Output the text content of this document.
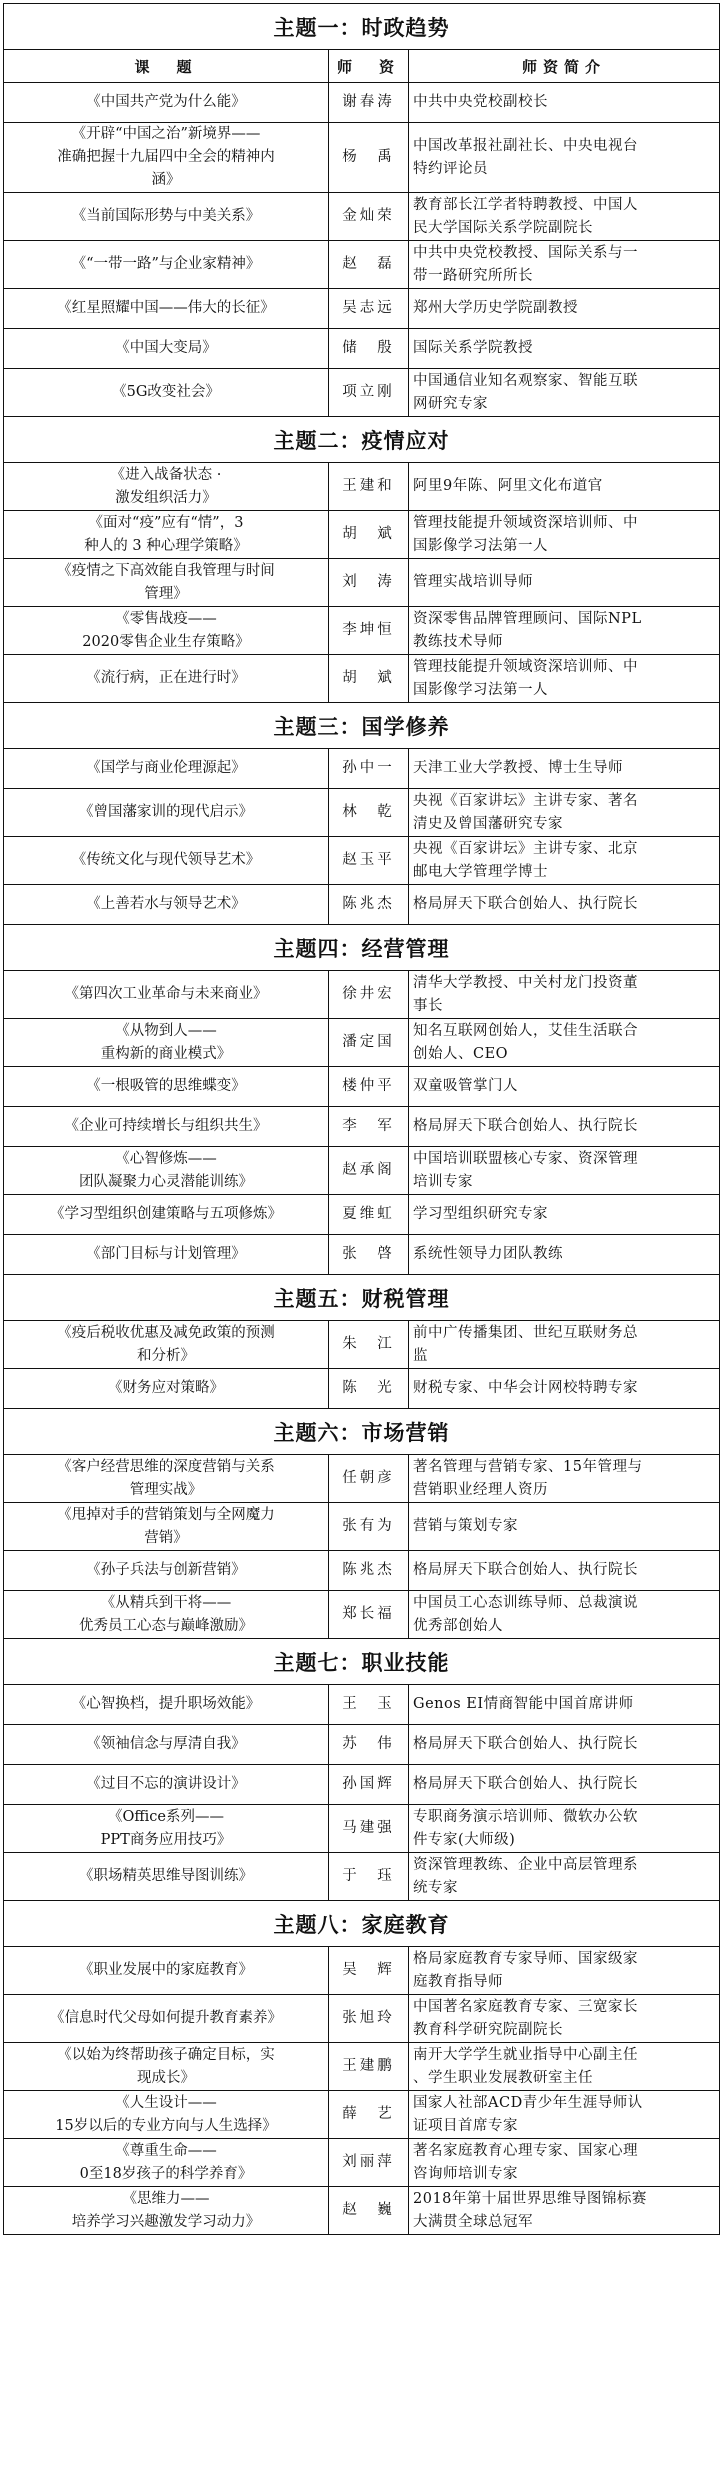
主题一：时政趋势		
课　题	师　资	师资简介

《中国共产党为什么能》	谢春涛	中共中央党校副校长

《开辟“中国之治”新境界——
准确把握十九届四中全会的精神内
涵》	杨　禹	中国改革报社副社长、中央电视台
特约评论员

《当前国际形势与中美关系》	金灿荣	教育部长江学者特聘教授、中国人
民大学国际关系学院副院长

《“一带一路”与企业家精神》	赵　磊	中共中央党校教授、国际关系与一
带一路研究所所长

《红星照耀中国——伟大的长征》	吴志远	郑州大学历史学院副教授

《中国大变局》	储　殷	国际关系学院教授

《5G改变社会》	项立刚	中国通信业知名观察家、智能互联
网研究专家

主题二：疫情应对		

《进入战备状态 ·
激发组织活力》	王建和	阿里9年陈、阿里文化布道官

《面对“疫”应有“情”，3
种人的 3 种心理学策略》	胡　斌	管理技能提升领域资深培训师、中
国影像学习法第一人

《疫情之下高效能自我管理与时间
管理》	刘　涛	管理实战培训导师

《零售战疫——
2020零售企业生存策略》	李坤恒	资深零售品牌管理顾问、国际NPL
教练技术导师

《流行病，正在进行时》	胡　斌	管理技能提升领域资深培训师、中
国影像学习法第一人

主题三：国学修养		

《国学与商业伦理源起》	孙中一	天津工业大学教授、博士生导师

《曾国藩家训的现代启示》	林　乾	央视《百家讲坛》主讲专家、著名
清史及曾国藩研究专家

《传统文化与现代领导艺术》	赵玉平	央视《百家讲坛》主讲专家、北京
邮电大学管理学博士

《上善若水与领导艺术》	陈兆杰	格局屏天下联合创始人、执行院长

主题四：经营管理		

《第四次工业革命与未来商业》	徐井宏	清华大学教授、中关村龙门投资董
事长

《从物到人——
重构新的商业模式》	潘定国	知名互联网创始人，艾佳生活联合
创始人、CEO

《一根吸管的思维蝶变》	楼仲平	双童吸管掌门人

《企业可持续增长与组织共生》	李　军	格局屏天下联合创始人、执行院长

《心智修炼——
团队凝聚力心灵潜能训练》	赵承阁	中国培训联盟核心专家、资深管理
培训专家

《学习型组织创建策略与五项修炼》	夏维虹	学习型组织研究专家

《部门目标与计划管理》	张　啓	系统性领导力团队教练

主题五：财税管理		

《疫后税收优惠及减免政策的预测
和分析》	朱　江	前中广传播集团、世纪互联财务总
监

《财务应对策略》	陈　光	财税专家、中华会计网校特聘专家

主题六：市场营销		

《客户经营思维的深度营销与关系
管理实战》	任朝彦	著名管理与营销专家、15年管理与
营销职业经理人资历

《甩掉对手的营销策划与全网魔力
营销》	张有为	营销与策划专家

《孙子兵法与创新营销》	陈兆杰	格局屏天下联合创始人、执行院长

《从精兵到干将——
优秀员工心态与巅峰激励》	郑长福	中国员工心态训练导师、总裁演说
优秀部创始人

主题七：职业技能		

《心智换档，提升职场效能》	王　玉	Genos EI情商智能中国首席讲师

《领袖信念与厚清自我》	苏　伟	格局屏天下联合创始人、执行院长

《过目不忘的演讲设计》	孙国辉	格局屏天下联合创始人、执行院长

《Office系列——
PPT商务应用技巧》	马建强	专职商务演示培训师、微软办公软
件专家(大师级)

《职场精英思维导图训练》	于　珏	资深管理教练、企业中高层管理系
统专家

主题八：家庭教育		

《职业发展中的家庭教育》	吴　辉	格局家庭教育专家导师、国家级家
庭教育指导师

《信息时代父母如何提升教育素养》	张旭玲	中国著名家庭教育专家、三宽家长
教育科学研究院副院长

《以始为终帮助孩子确定目标，实
现成长》	王建鹏	南开大学学生就业指导中心副主任
、学生职业发展教研室主任

《人生设计——
15岁以后的专业方向与人生选择》	薛　艺	国家人社部ACD青少年生涯导师认
证项目首席专家

《尊重生命——
0至18岁孩子的科学养育》	刘丽萍	著名家庭教育心理专家、国家心理
咨询师培训专家

《思维力——
培养学习兴趣激发学习动力》	赵　巍	2018年第十届世界思维导图锦标赛
大满贯全球总冠军
